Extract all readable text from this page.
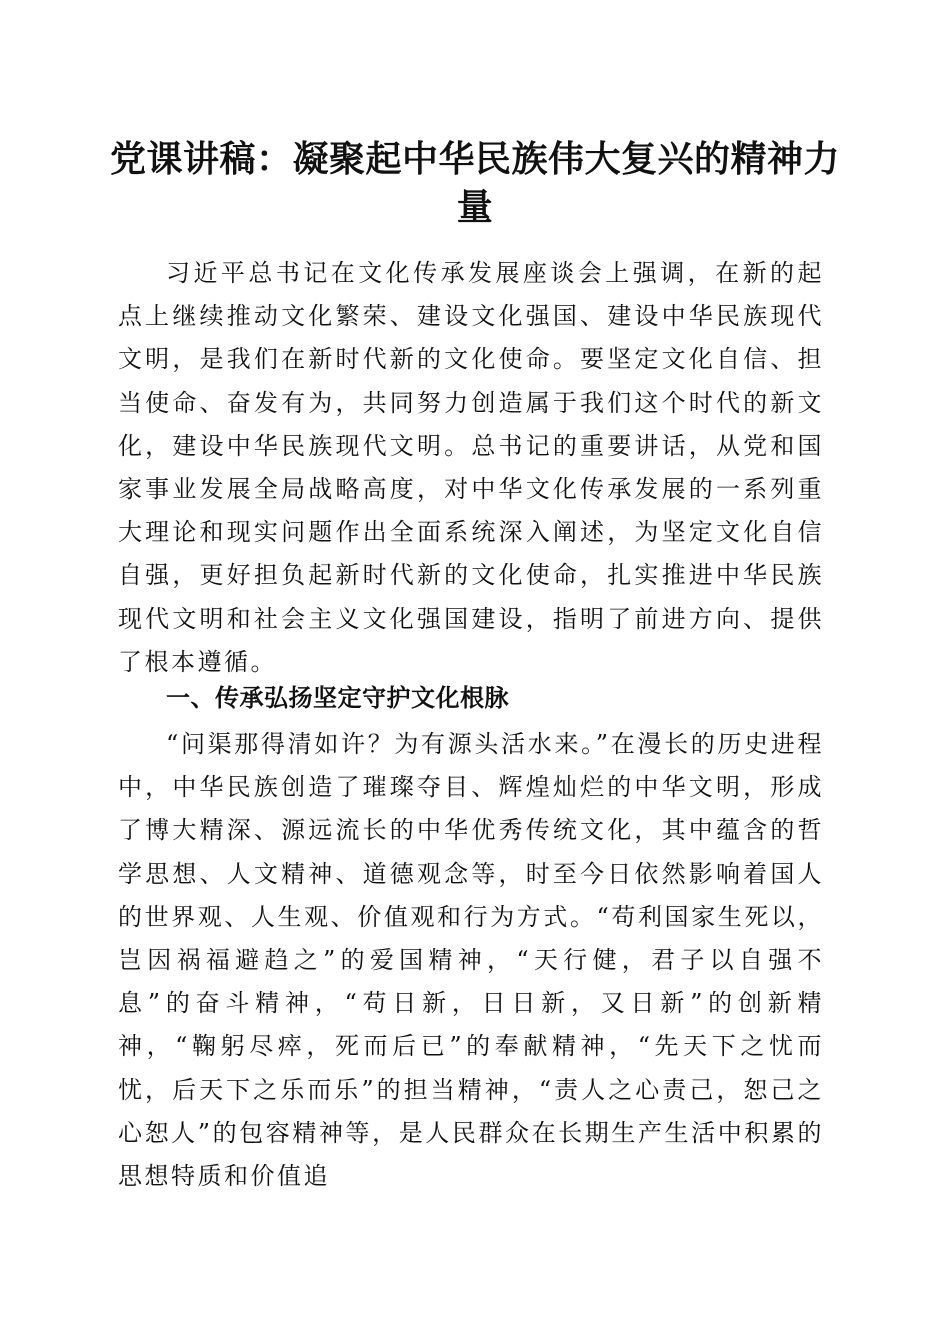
党课讲稿：凝聚起中华民族伟大复兴的精神力量

习近平总书记在文化传承发展座谈会上强调，在新的起点上继续推动文化繁荣、建设文化强国、建设中华民族现代文明，是我们在新时代新的文化使命。要坚定文化自信、担当使命、奋发有为，共同努力创造属于我们这个时代的新文化，建设中华民族现代文明。总书记的重要讲话，从党和国家事业发展全局战略高度，对中华文化传承发展的一系列重大理论和现实问题作出全面系统深入阐述，为坚定文化自信自强，更好担负起新时代新的文化使命，扎实推进中华民族现代文明和社会主义文化强国建设，指明了前进方向、提供了根本遵循。

一、传承弘扬坚定守护文化根脉

“问渠那得清如许？为有源头活水来。”在漫长的历史进程中，中华民族创造了璀璨夺目、辉煌灿烂的中华文明，形成了博大精深、源远流长的中华优秀传统文化，其中蕴含的哲学思想、人文精神、道德观念等，时至今日依然影响着国人的世界观、人生观、价值观和行为方式。“苟利国家生死以，岂因祸福避趋之”的爱国精神，“天行健，君子以自强不息”的奋斗精神，“苟日新，日日新，又日新”的创新精神，“鞠躬尽瘁，死而后已”的奉献精神，“先天下之忧而忧，后天下之乐而乐”的担当精神，“责人之心责己，恕己之心恕人”的包容精神等，是人民群众在长期生产生活中积累的思想特质和价值追
